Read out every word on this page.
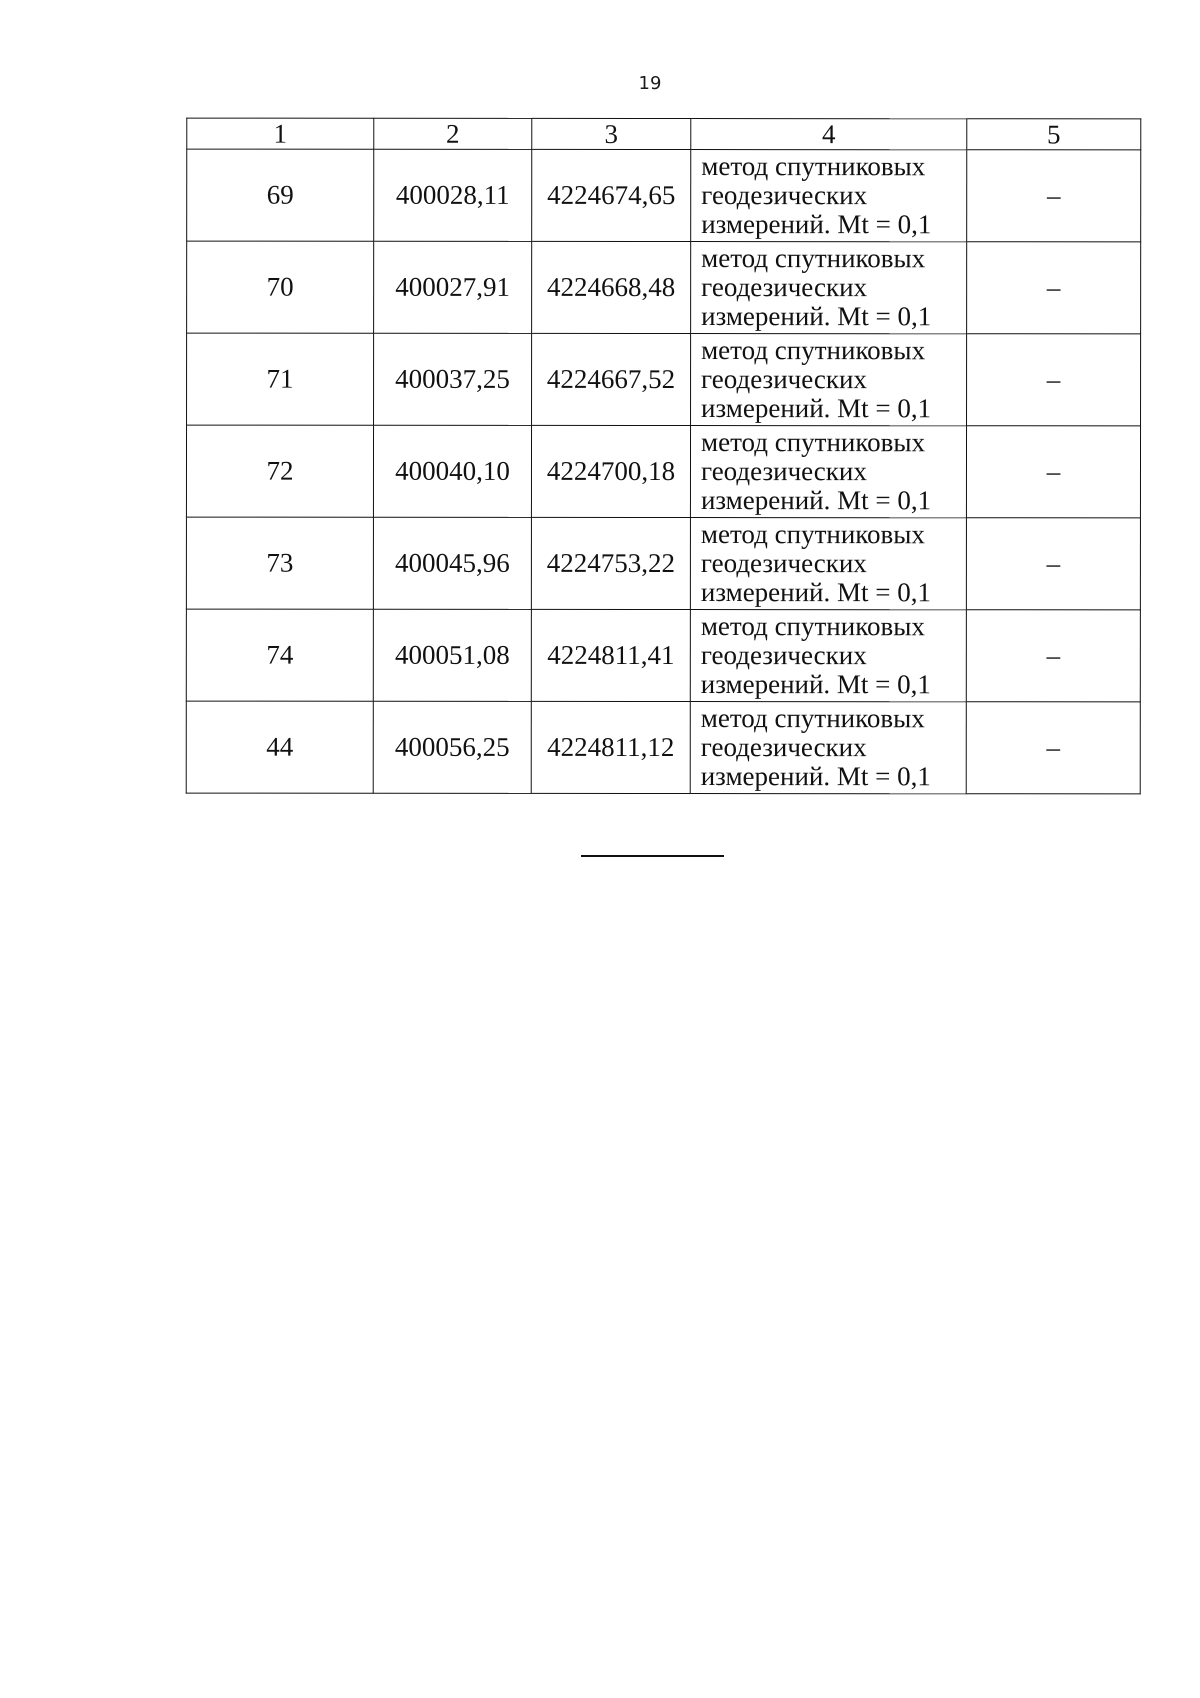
19
1	2	3	4	5
69	400028,11	4224674,65	метод спутниковых
геодезических
измерений. Mt = 0,1	–
70	400027,91	4224668,48	метод спутниковых
геодезических
измерений. Mt = 0,1	–
71	400037,25	4224667,52	метод спутниковых
геодезических
измерений. Mt = 0,1	–
72	400040,10	4224700,18	метод спутниковых
геодезических
измерений. Mt = 0,1	–
73	400045,96	4224753,22	метод спутниковых
геодезических
измерений. Mt = 0,1	–
74	400051,08	4224811,41	метод спутниковых
геодезических
измерений. Mt = 0,1	–
44	400056,25	4224811,12	метод спутниковых
геодезических
измерений. Mt = 0,1	–
